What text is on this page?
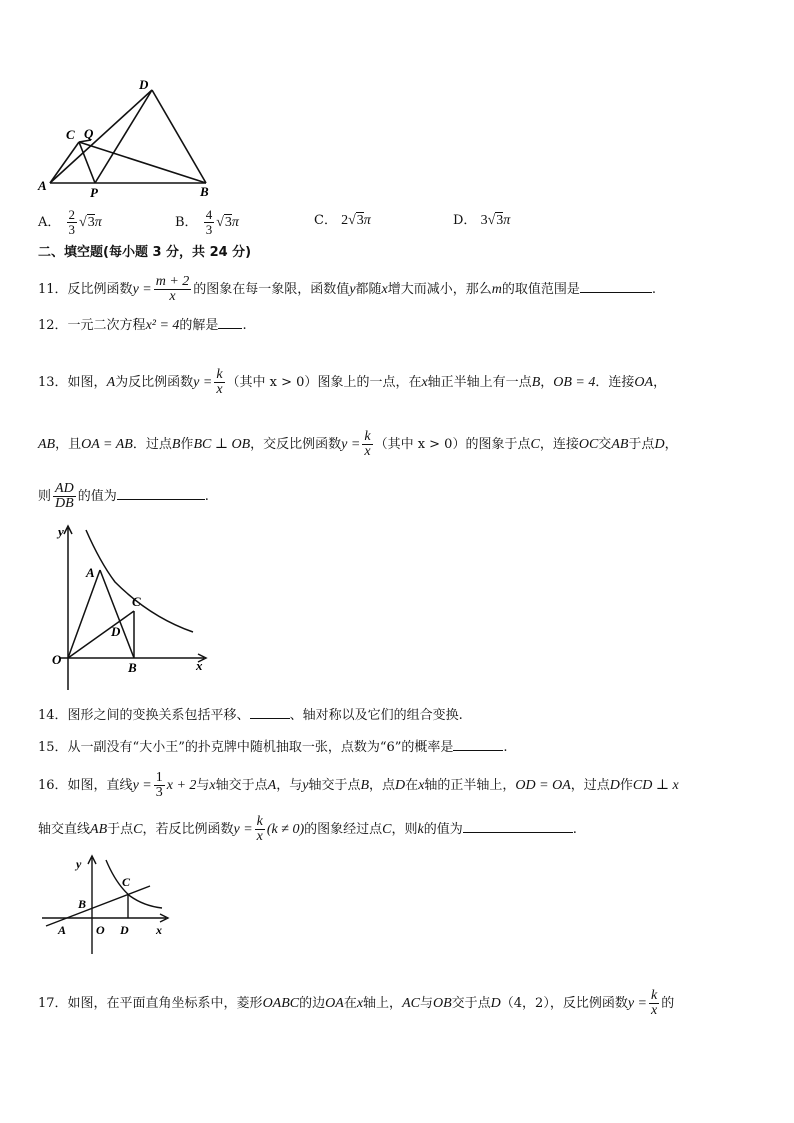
A	B
C Q
P
D
A． $\frac{2}{3} √3\pi$	B． $\frac{4}{3} √3\pi$	C． 2√3π	D． 3√3π
二、填空题(每小题 3 分，共 24 分)
11．反比例函数$y = \frac{m + 2}{x}$ 的图象在每一象限，函数值y都随x增大而减小，那么m的取值范围是	.
12．一元二次方程x² = 4的解是 .
13．如图，A为反比例函数$y = \frac{k}{x}$ （其中 x > 0）图象上的一点，在x轴正半轴上有一点B，OB = 4．连接OA，
AB，且OA = AB．过点B作BC ⊥ OB，交反比例函数$y = \frac{k}{x}$ （其中 x > 0）的图象于点C，连接OC交AB于点D，
则 $\frac{AD}{DB}$ 的值为	.
y
x
O
A
B
C
D
14．图形之间的变换关系包括平移、	、轴对称以及它们的组合变换.
15．从一副没有“大小王”的扑克牌中随机抽取一张，点数为“6”的概率是	.
16．如图，直线$y = \frac{1}{3}$ x + 2与x轴交于点A，与y轴交于点B，点D在x轴的正半轴上，OD = OA，过点D作CD ⊥ x
轴交直线AB于点C，若反比例函数$y = \frac{k}{x} (k \ne 0)$的图象经过点C，则k的值为	.
y
x
O
A
B
C
D
17．如图，在平面直角坐标系中，菱形OABC的边OA在x轴上，AC与OB交于点D（4，2），反比例函数$y = \frac{k}{x}$ 的
